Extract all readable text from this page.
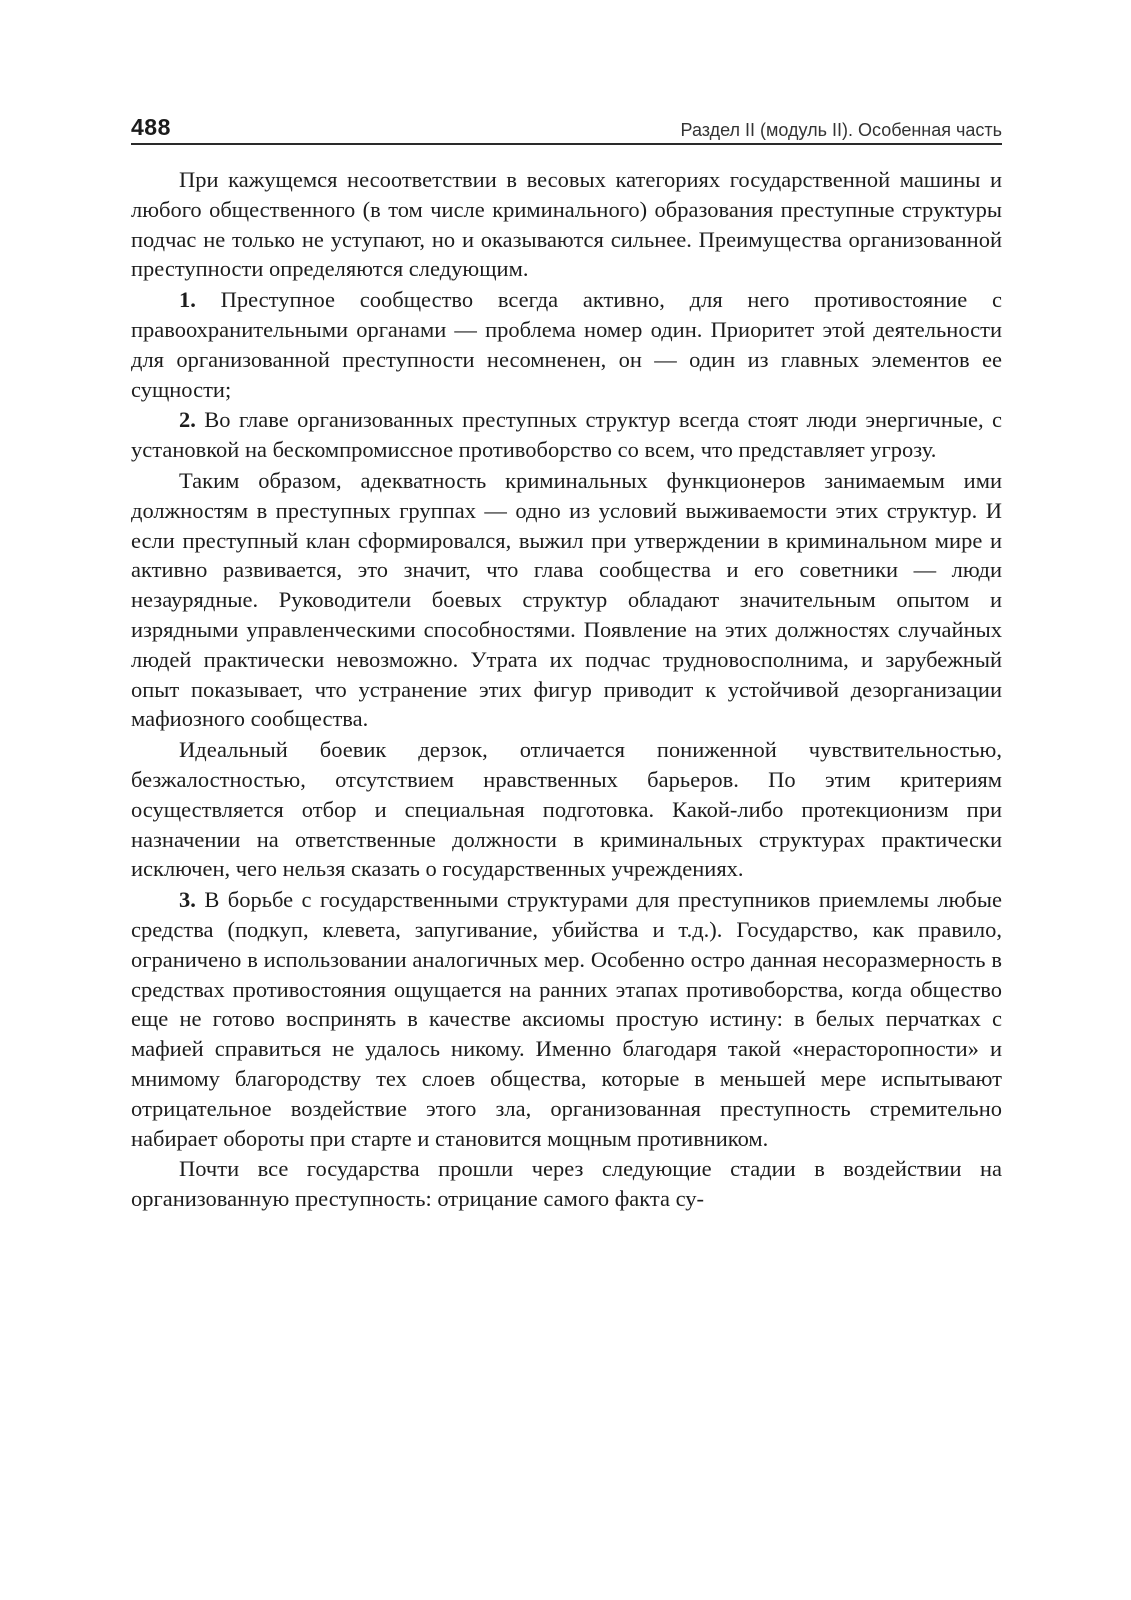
488	Раздел II (модуль II). Особенная часть

При кажущемся несоответствии в весовых категориях государственной машины и любого общественного (в том числе криминального) образования преступные структуры подчас не только не уступают, но и оказываются сильнее. Преимущества организованной преступности определяются следующим.

1. Преступное сообщество всегда активно, для него противостояние с правоохранительными органами — проблема номер один. Приоритет этой деятельности для организованной преступности несомненен, он — один из главных элементов ее сущности;

2. Во главе организованных преступных структур всегда стоят люди энергичные, с установкой на бескомпромиссное противоборство со всем, что представляет угрозу.

Таким образом, адекватность криминальных функционеров занимаемым ими должностям в преступных группах — одно из условий выживаемости этих структур. И если преступный клан сформировался, выжил при утверждении в криминальном мире и активно развивается, это значит, что глава сообщества и его советники — люди незаурядные. Руководители боевых структур обладают значительным опытом и изрядными управленческими способностями. Появление на этих должностях случайных людей практически невозможно. Утрата их подчас трудновосполнима, и зарубежный опыт показывает, что устранение этих фигур приводит к устойчивой дезорганизации мафиозного сообщества.

Идеальный боевик дерзок, отличается пониженной чувствительностью, безжалостностью, отсутствием нравственных барьеров. По этим критериям осуществляется отбор и специальная подготовка. Какой-либо протекционизм при назначении на ответственные должности в криминальных структурах практически исключен, чего нельзя сказать о государственных учреждениях.

3. В борьбе с государственными структурами для преступников приемлемы любые средства (подкуп, клевета, запугивание, убийства и т.д.). Государство, как правило, ограничено в использовании аналогичных мер. Особенно остро данная несоразмерность в средствах противостояния ощущается на ранних этапах противоборства, когда общество еще не готово воспринять в качестве аксиомы простую истину: в белых перчатках с мафией справиться не удалось никому. Именно благодаря такой «нерасторопности» и мнимому благородству тех слоев общества, которые в меньшей мере испытывают отрицательное воздействие этого зла, организованная преступность стремительно набирает обороты при старте и становится мощным противником.

Почти все государства прошли через следующие стадии в воздействии на организованную преступность: отрицание самого факта су-
